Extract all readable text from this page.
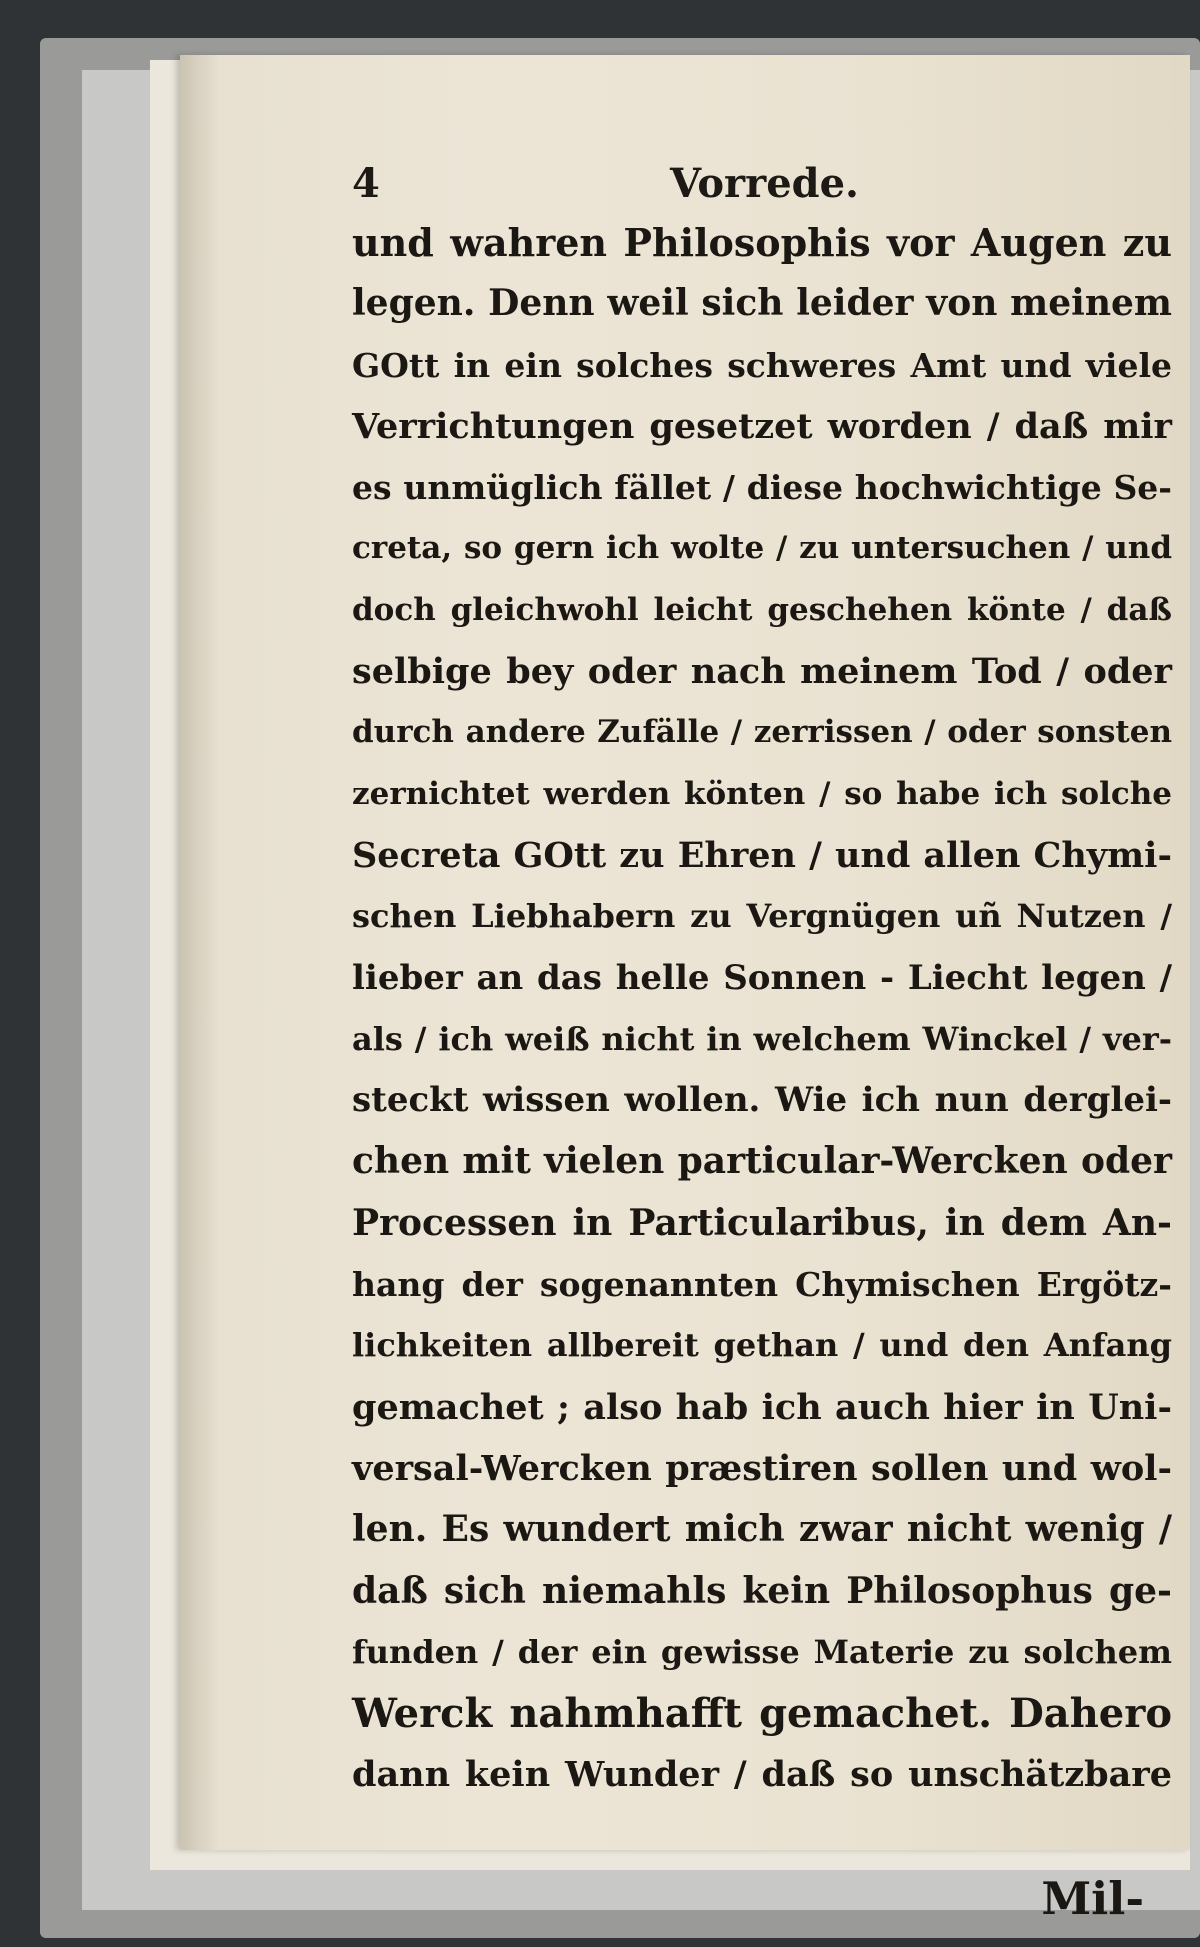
4	Vorrede.
und wahren Philosophis vor Augen zu
legen. Denn weil sich leider von meinem
GOtt in ein solches schweres Amt und viele
Verrichtungen gesetzet worden / daß mir
es unmüglich fället / diese hochwichtige Se-
creta, so gern ich wolte / zu untersuchen / und
doch gleichwohl leicht geschehen könte / daß
selbige bey oder nach meinem Tod / oder
durch andere Zufälle / zerrissen / oder sonsten
zernichtet werden könten / so habe ich solche
Secreta GOtt zu Ehren / und allen Chymi-
schen Liebhabern zu Vergnügen uñ Nutzen /
lieber an das helle Sonnen - Liecht legen /
als / ich weiß nicht in welchem Winckel / ver-
steckt wissen wollen. Wie ich nun derglei-
chen mit vielen particular-Wercken oder
Processen in Particularibus, in dem An-
hang der sogenannten Chymischen Ergötz-
lichkeiten allbereit gethan / und den Anfang
gemachet ; also hab ich auch hier in Uni-
versal-Wercken præstiren sollen und wol-
len. Es wundert mich zwar nicht wenig /
daß sich niemahls kein Philosophus ge-
funden / der ein gewisse Materie zu solchem
Werck nahmhafft gemachet. Dahero
dann kein Wunder / daß so unschätzbare
Mil-
